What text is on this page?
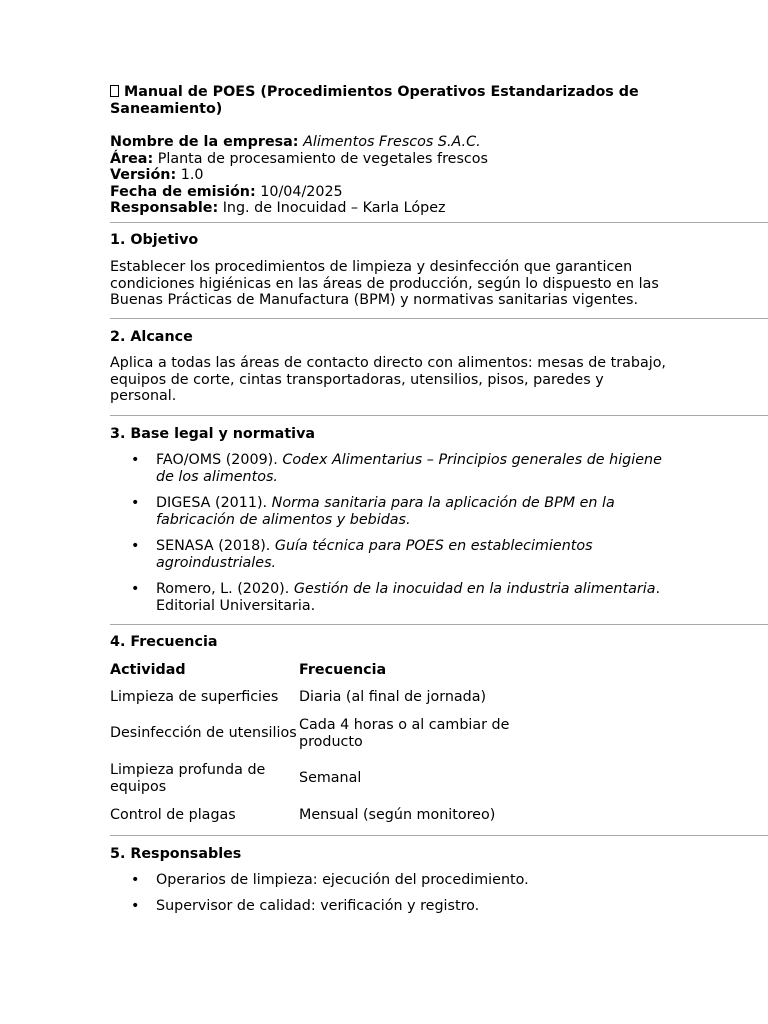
Manual de POES (Procedimientos Operativos Estandarizados de Saneamiento)
Nombre de la empresa: Alimentos Frescos S.A.C.
Área: Planta de procesamiento de vegetales frescos
Versión: 1.0
Fecha de emisión: 10/04/2025
Responsable: Ing. de Inocuidad – Karla López
1. Objetivo
Establecer los procedimientos de limpieza y desinfección que garanticen condiciones higiénicas en las áreas de producción, según lo dispuesto en las Buenas Prácticas de Manufactura (BPM) y normativas sanitarias vigentes.
2. Alcance
Aplica a todas las áreas de contacto directo con alimentos: mesas de trabajo, equipos de corte, cintas transportadoras, utensilios, pisos, paredes y personal.
3. Base legal y normativa
• FAO/OMS (2009). Codex Alimentarius – Principios generales de higiene de los alimentos.
• DIGESA (2011). Norma sanitaria para la aplicación de BPM en la fabricación de alimentos y bebidas.
• SENASA (2018). Guía técnica para POES en establecimientos agroindustriales.
• Romero, L. (2020). Gestión de la inocuidad en la industria alimentaria. Editorial Universitaria.
4. Frecuencia
Actividad	Frecuencia
Limpieza de superficies	Diaria (al final de jornada)
Desinfección de utensilios	Cada 4 horas o al cambiar de producto
Limpieza profunda de equipos	Semanal
Control de plagas	Mensual (según monitoreo)
5. Responsables
• Operarios de limpieza: ejecución del procedimiento.
• Supervisor de calidad: verificación y registro.
